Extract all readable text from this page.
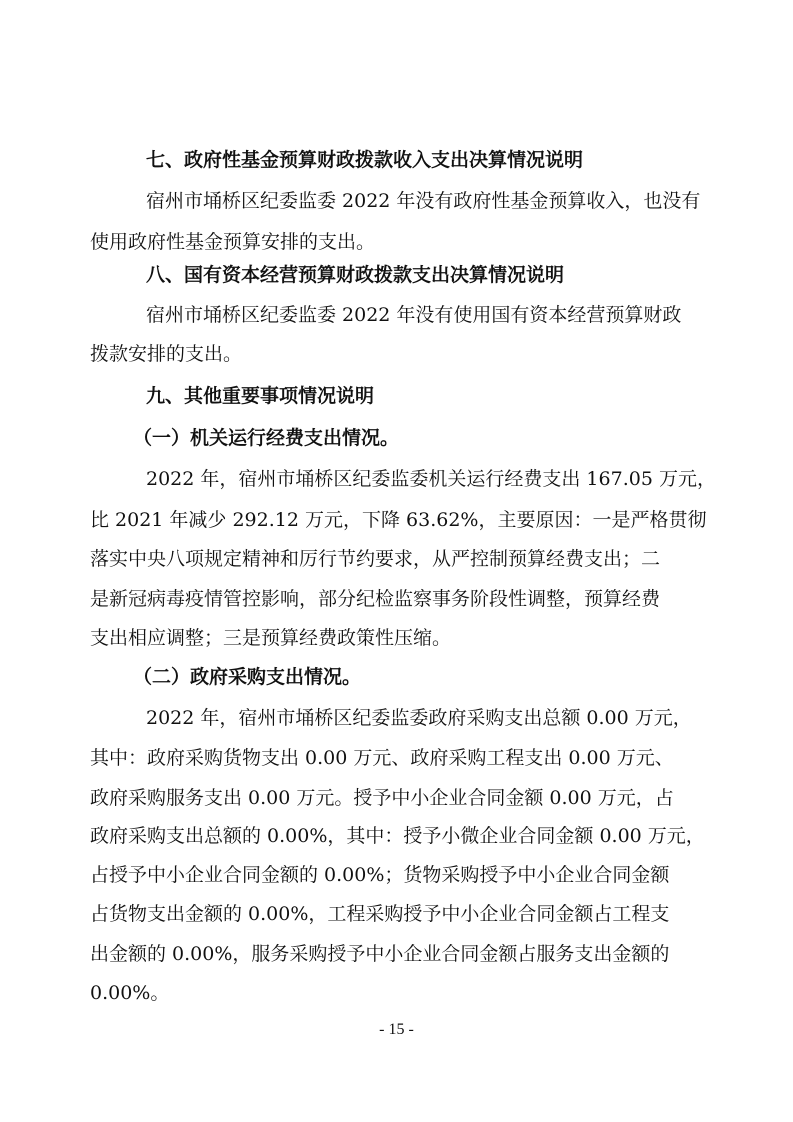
七、政府性基金预算财政拨款收入支出决算情况说明
宿州市埇桥区纪委监委 2022 年没有政府性基金预算收入，也没有
使用政府性基金预算安排的支出。
八、国有资本经营预算财政拨款支出决算情况说明
宿州市埇桥区纪委监委 2022 年没有使用国有资本经营预算财政
拨款安排的支出。
九、其他重要事项情况说明
（一）机关运行经费支出情况。
2022 年，宿州市埇桥区纪委监委机关运行经费支出 167.05 万元，
比 2021 年减少 292.12 万元，下降 63.62%，主要原因：一是严格贯彻
落实中央八项规定精神和厉行节约要求，从严控制预算经费支出；二
是新冠病毒疫情管控影响，部分纪检监察事务阶段性调整，预算经费
支出相应调整；三是预算经费政策性压缩。
（二）政府采购支出情况。
2022 年，宿州市埇桥区纪委监委政府采购支出总额 0.00 万元，
其中：政府采购货物支出 0.00 万元、政府采购工程支出 0.00 万元、
政府采购服务支出 0.00 万元。授予中小企业合同金额 0.00 万元，占
政府采购支出总额的 0.00%，其中：授予小微企业合同金额 0.00 万元，
占授予中小企业合同金额的 0.00%；货物采购授予中小企业合同金额
占货物支出金额的 0.00%，工程采购授予中小企业合同金额占工程支
出金额的 0.00%，服务采购授予中小企业合同金额占服务支出金额的
0.00%。
- 15 -
